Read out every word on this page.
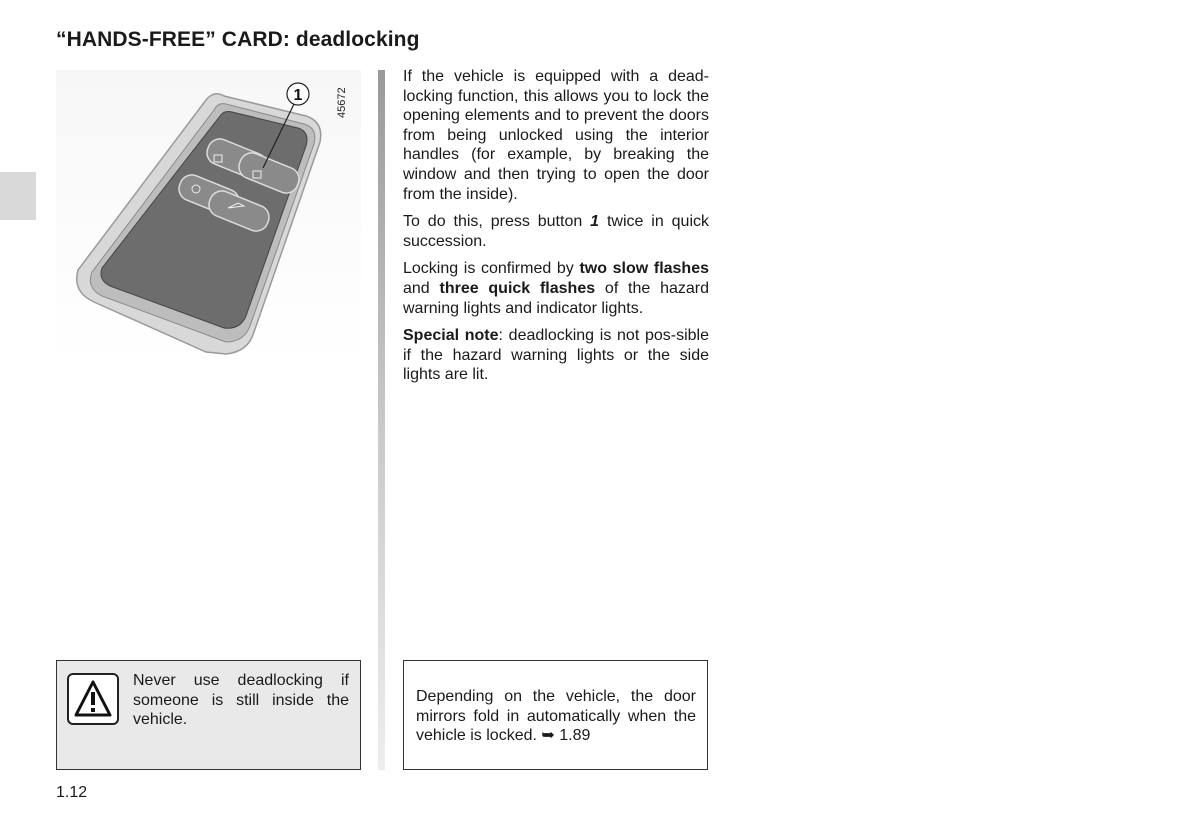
“HANDS-FREE” CARD: deadlocking
1	45672

If the vehicle is equipped with a dead-locking function, this allows you to lock the opening elements and to prevent the doors from being unlocked using the interior handles (for example, by breaking the window and then trying to open the door from the inside).

To do this, press button 1 twice in quick succession.

Locking is confirmed by two slow flashes and three quick flashes of the hazard warning lights and indicator lights.

Special note: deadlocking is not pos-sible if the hazard warning lights or the side lights are lit.

Never use deadlocking if someone is still inside the vehicle.
Depending on the vehicle, the door mirrors fold in automatically when the vehicle is locked. ➥ 1.89
1.12
